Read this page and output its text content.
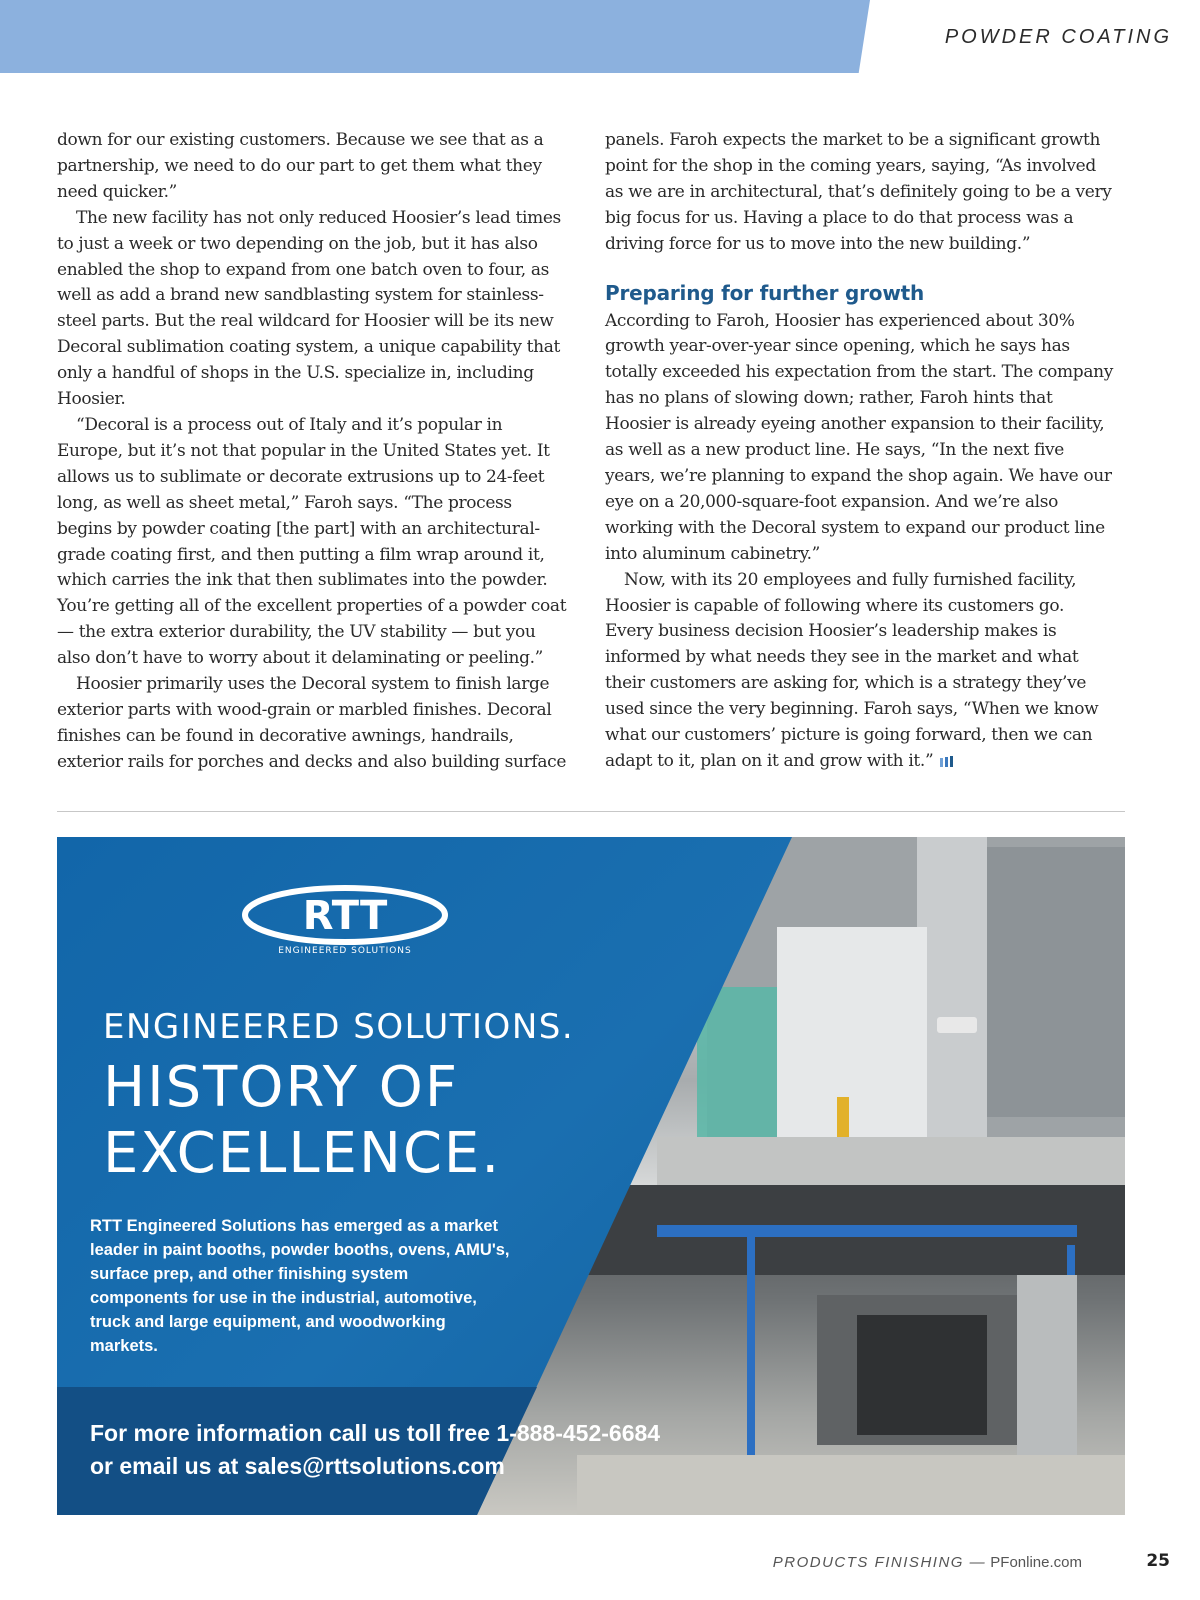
POWDER COATING

down for our existing customers. Because we see that as a partnership, we need to do our part to get them what they need quicker.”

The new facility has not only reduced Hoosier’s lead times to just a week or two depending on the job, but it has also enabled the shop to expand from one batch oven to four, as well as add a brand new sandblasting system for stainless-steel parts. But the real wildcard for Hoosier will be its new Decoral sublimation coating system, a unique capability that only a handful of shops in the U.S. specialize in, including Hoosier.

“Decoral is a process out of Italy and it’s popular in Europe, but it’s not that popular in the United States yet. It allows us to sublimate or decorate extrusions up to 24-feet long, as well as sheet metal,” Faroh says. “The process begins by powder coating [the part] with an architectural-grade coating first, and then putting a film wrap around it, which carries the ink that then sublimates into the powder. You’re getting all of the excellent properties of a powder coat — the extra exterior durability, the UV stability — but you also don’t have to worry about it delaminating or peeling.”

Hoosier primarily uses the Decoral system to finish large exterior parts with wood-grain or marbled finishes. Decoral finishes can be found in decorative awnings, handrails, exterior rails for porches and decks and also building surface

panels. Faroh expects the market to be a significant growth point for the shop in the coming years, saying, “As involved as we are in architectural, that’s definitely going to be a very big focus for us. Having a place to do that process was a driving force for us to move into the new building.”

Preparing for further growth

According to Faroh, Hoosier has experienced about 30% growth year-over-year since opening, which he says has totally exceeded his expectation from the start. The company has no plans of slowing down; rather, Faroh hints that Hoosier is already eyeing another expansion to their facility, as well as a new product line. He says, “In the next five years, we’re planning to expand the shop again. We have our eye on a 20,000-square-foot expansion. And we’re also working with the Decoral system to expand our product line into aluminum cabinetry.”

Now, with its 20 employees and fully furnished facility, Hoosier is capable of following where its customers go. Every business decision Hoosier’s leadership makes is informed by what needs they see in the market and what their customers are asking for, which is a strategy they’ve used since the very beginning. Faroh says, “When we know what our customers’ picture is going forward, then we can adapt to it, plan on it and grow with it.”

RTT
ENGINEERED SOLUTIONS
ENGINEERED SOLUTIONS.
HISTORY OF
EXCELLENCE.
RTT Engineered Solutions has emerged as a market leader in paint booths, powder booths, ovens, AMU's, surface prep, and other finishing system components for use in the industrial, automotive, truck and large equipment, and woodworking markets.
For more information call us toll free 1-888-452-6684
or email us at sales@rttsolutions.com
PRODUCTS FINISHING — PFonline.com	25
